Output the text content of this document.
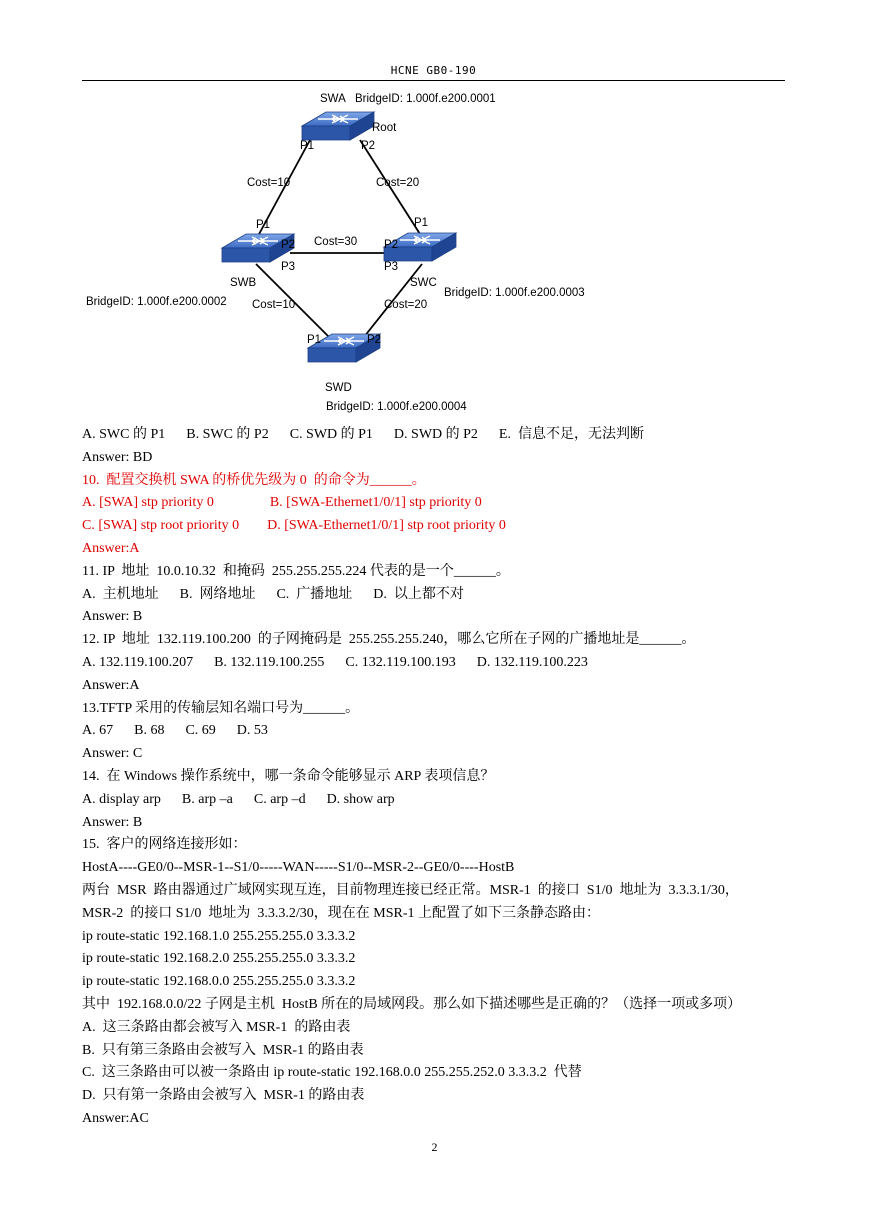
HCNE GB0-190
SWA BridgeID: 1.000f.e200.0001
Root
P1	P2
Cost=10	Cost=20
Cost=30
Cost=10	Cost=20
P1
P2
P3
SWB
BridgeID: 1.000f.e200.0002
P1
P2
P3
SWC
BridgeID: 1.000f.e200.0003
P1	P2
SWD
BridgeID: 1.000f.e200.0004
A. SWC 的 P1      B. SWC 的 P2      C. SWD 的 P1      D. SWD 的 P2      E.  信息不足，无法判断
Answer: BD
10.  配置交换机 SWA 的桥优先级为 0  的命令为______。
A. [SWA] stp priority 0                B. [SWA-Ethernet1/0/1] stp priority 0
C. [SWA] stp root priority 0        D. [SWA-Ethernet1/0/1] stp root priority 0
Answer:A
11. IP  地址  10.0.10.32  和掩码  255.255.255.224 代表的是一个______。
A.  主机地址      B.  网络地址      C.  广播地址      D.  以上都不对
Answer: B
12. IP  地址  132.119.100.200  的子网掩码是  255.255.255.240，哪么它所在子网的广播地址是______。
A. 132.119.100.207      B. 132.119.100.255      C. 132.119.100.193      D. 132.119.100.223
Answer:A
13.TFTP 采用的传输层知名端口号为______。
A. 67      B. 68      C. 69      D. 53
Answer: C
14.  在 Windows 操作系统中，哪一条命令能够显示 ARP 表项信息？
A. display arp      B. arp –a      C. arp –d      D. show arp
Answer: B
15.  客户的网络连接形如：
HostA----GE0/0--MSR-1--S1/0-----WAN-----S1/0--MSR-2--GE0/0----HostB
两台  MSR  路由器通过广域网实现互连，目前物理连接已经正常。MSR-1  的接口  S1/0  地址为  3.3.3.1/30，
MSR-2  的接口 S1/0  地址为  3.3.3.2/30，现在在 MSR-1 上配置了如下三条静态路由：
ip route-static 192.168.1.0 255.255.255.0 3.3.3.2
ip route-static 192.168.2.0 255.255.255.0 3.3.3.2
ip route-static 192.168.0.0 255.255.255.0 3.3.3.2
其中  192.168.0.0/22 子网是主机  HostB 所在的局域网段。那么如下描述哪些是正确的？（选择一项或多项）
A.  这三条路由都会被写入 MSR-1  的路由表
B.  只有第三条路由会被写入  MSR-1 的路由表
C.  这三条路由可以被一条路由 ip route-static 192.168.0.0 255.255.252.0 3.3.3.2  代替
D.  只有第一条路由会被写入  MSR-1 的路由表
Answer:AC
2
